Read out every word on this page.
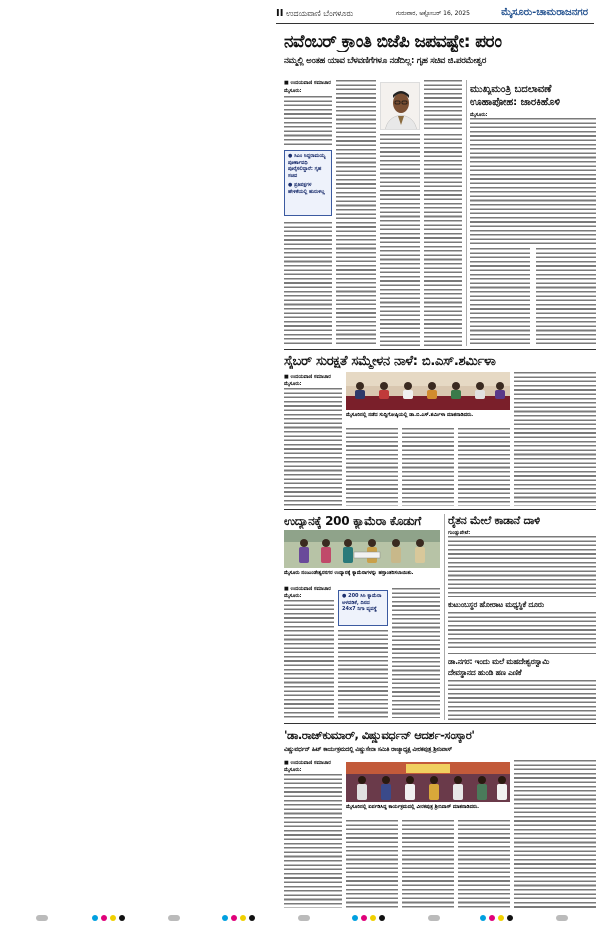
II ಉದಯವಾಣಿ ಬೆಂಗಳೂರು	ಗುರುವಾರ, ಅಕ್ಟೋಬರ್ 16, 2025	ಮೈಸೂರು-ಚಾಮರಾಜನಗರ
ನವೆಂಬರ್ ಕ್ರಾಂತಿ ಬಿಜೆಪಿ ಜಪವಷ್ಟೇ: ಪರಂ
ನಮ್ಮಲ್ಲಿ ಅಂತಹ ಯಾವ ಬೆಳವಣಿಗೆಗಳೂ ನಡೆದಿಲ್ಲ: ಗೃಹ ಸಚಿವ ಜಿ.ಪರಮೇಶ್ವರ
■ ಉದಯವಾಣಿ ಸಮಾಚಾರ
ಮೈಸೂರು:
● ಸಿಎಂ ಸಿದ್ದರಾಮಯ್ಯ ಪೂರ್ಣಾವಧಿ ಪೂರೈಸಲಿದ್ದಾರೆ: ಗೃಹ ಸಚಿವ
● ಪ್ರತಿಪಕ್ಷಗಳ ಹೇಳಿಕೆಯಲ್ಲಿ ಹುರುಳಿಲ್ಲ
ಮುಖ್ಯಮಂತ್ರಿ ಬದಲಾವಣೆ
ಊಹಾಪೋಹ: ಜಾರಕಿಹೊಳಿ
ಮೈಸೂರು:
ಸೈಬರ್ ಸುರಕ್ಷತೆ ಸಮ್ಮೇಳನ ನಾಳೆ: ಬಿ.ಎಸ್.ಶರ್ಮಿಳಾ
■ ಉದಯವಾಣಿ ಸಮಾಚಾರ
ಮೈಸೂರು:
ಮೈಸೂರಿನಲ್ಲಿ ನಡೆದ ಸುದ್ದಿಗೋಷ್ಠಿಯಲ್ಲಿ ಡಾ.ಬಿ.ಎಸ್.ಶರ್ಮಿಳಾ ಮಾತನಾಡಿದರು.
ಉದ್ಯಾನಕ್ಕೆ 200 ಕ್ಯಾಮೆರಾ ಕೊಡುಗೆ
ಮೈಸೂರು ನಂಜುಂಡೇಶ್ವರನಗರ ಉದ್ಯಾನಕ್ಕೆ ಕ್ಯಾಮೆರಾಗಳನ್ನು ಹಸ್ತಾಂತರಿಸಲಾಯಿತು.
■ ಉದಯವಾಣಿ ಸಮಾಚಾರ
ಮೈಸೂರು:	● 200 ಸಿಸಿ ಕ್ಯಾಮೆರಾ ಅಳವಡಿಕೆ, ದಿನದ 24x7 ನಿಗಾ ವ್ಯವಸ್ಥೆ
ರೈತನ ಮೇಲೆ ಕಾಡಾನೆ ದಾಳಿ
ಗುಂಡ್ಲುಪೇಟೆ:
ಕುಟುಂಬಸ್ಥರ ಹೋರಾಟ ಮಧ್ಯಸ್ಥಿಕೆ ದೂರು
ಡಾ.ನಗರ: ಇಂದು ಮಲೆ ಮಹದೇಶ್ವರಸ್ವಾಮಿ
ದೇವಸ್ಥಾನದ ಹುಂಡಿ ಹಣ ಎಣಿಕೆ
'ಡಾ.ರಾಜ್‌ಕುಮಾರ್, ವಿಷ್ಣುವರ್ಧನ್ ಆದರ್ಶ-ಸಂಸ್ಕಾರ'
ವಿಷ್ಣುವರ್ಧನ್ ಹಿಟ್ ಕಾರ್ಯಕ್ರಮದಲ್ಲಿ ವಿಷ್ಣುಸೇನಾ ಸಮಿತಿ ರಾಜ್ಯಾಧ್ಯಕ್ಷ ವೀರಕಪುತ್ರ ಶ್ರೀನಿವಾಸ್
■ ಉದಯವಾಣಿ ಸಮಾಚಾರ
ಮೈಸೂರು:
ಮೈಸೂರಿನಲ್ಲಿ ಏರ್ಪಡಿಸಿದ್ದ ಕಾರ್ಯಕ್ರಮದಲ್ಲಿ ವೀರಕಪುತ್ರ ಶ್ರೀನಿವಾಸ್ ಮಾತನಾಡಿದರು.
